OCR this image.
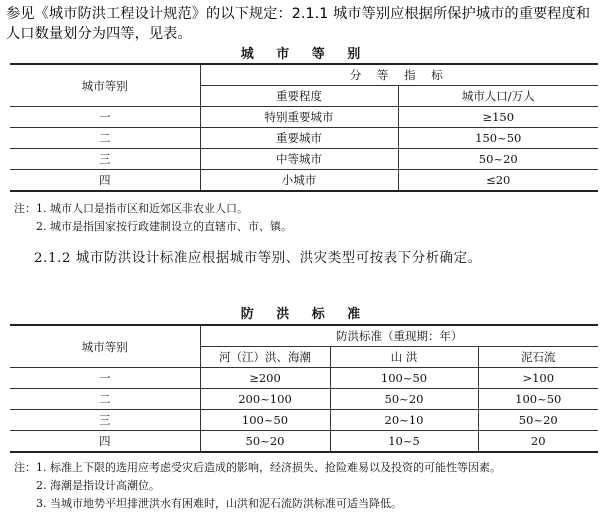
参见《城市防洪工程设计规范》的以下规定：2.1.1 城市等别应根据所保护城市的重要程度和人口数量划分为四等，见表。
城 市 等 别
城市等别	分 等 指 标	
	重要程度	城市人口/万人
一	特别重要城市	≥150
二	重要城市	150~50
三	中等城市	50~20
四	小城市	≤20
注：1. 城市人口是指市区和近郊区非农业人口。
2. 城市是指国家按行政建制设立的直辖市、市、镇。
2.1.2 城市防洪设计标准应根据城市等别、洪灾类型可按表下分析确定。
防 洪 标 准
城市等别	防洪标准（重现期：年）		
	河（江）洪、海潮	山 洪	泥石流
一	≥200	100~50	>100
二	200~100	50~20	100~50
三	100~50	20~10	50~20
四	50~20	10~5	20
注：1. 标准上下限的选用应考虑受灾后造成的影响，经济损失、抢险难易以及投资的可能性等因素。
2. 海潮是指设计高潮位。
3. 当城市地势平坦排泄洪水有困难时，山洪和泥石流防洪标准可适当降低。
